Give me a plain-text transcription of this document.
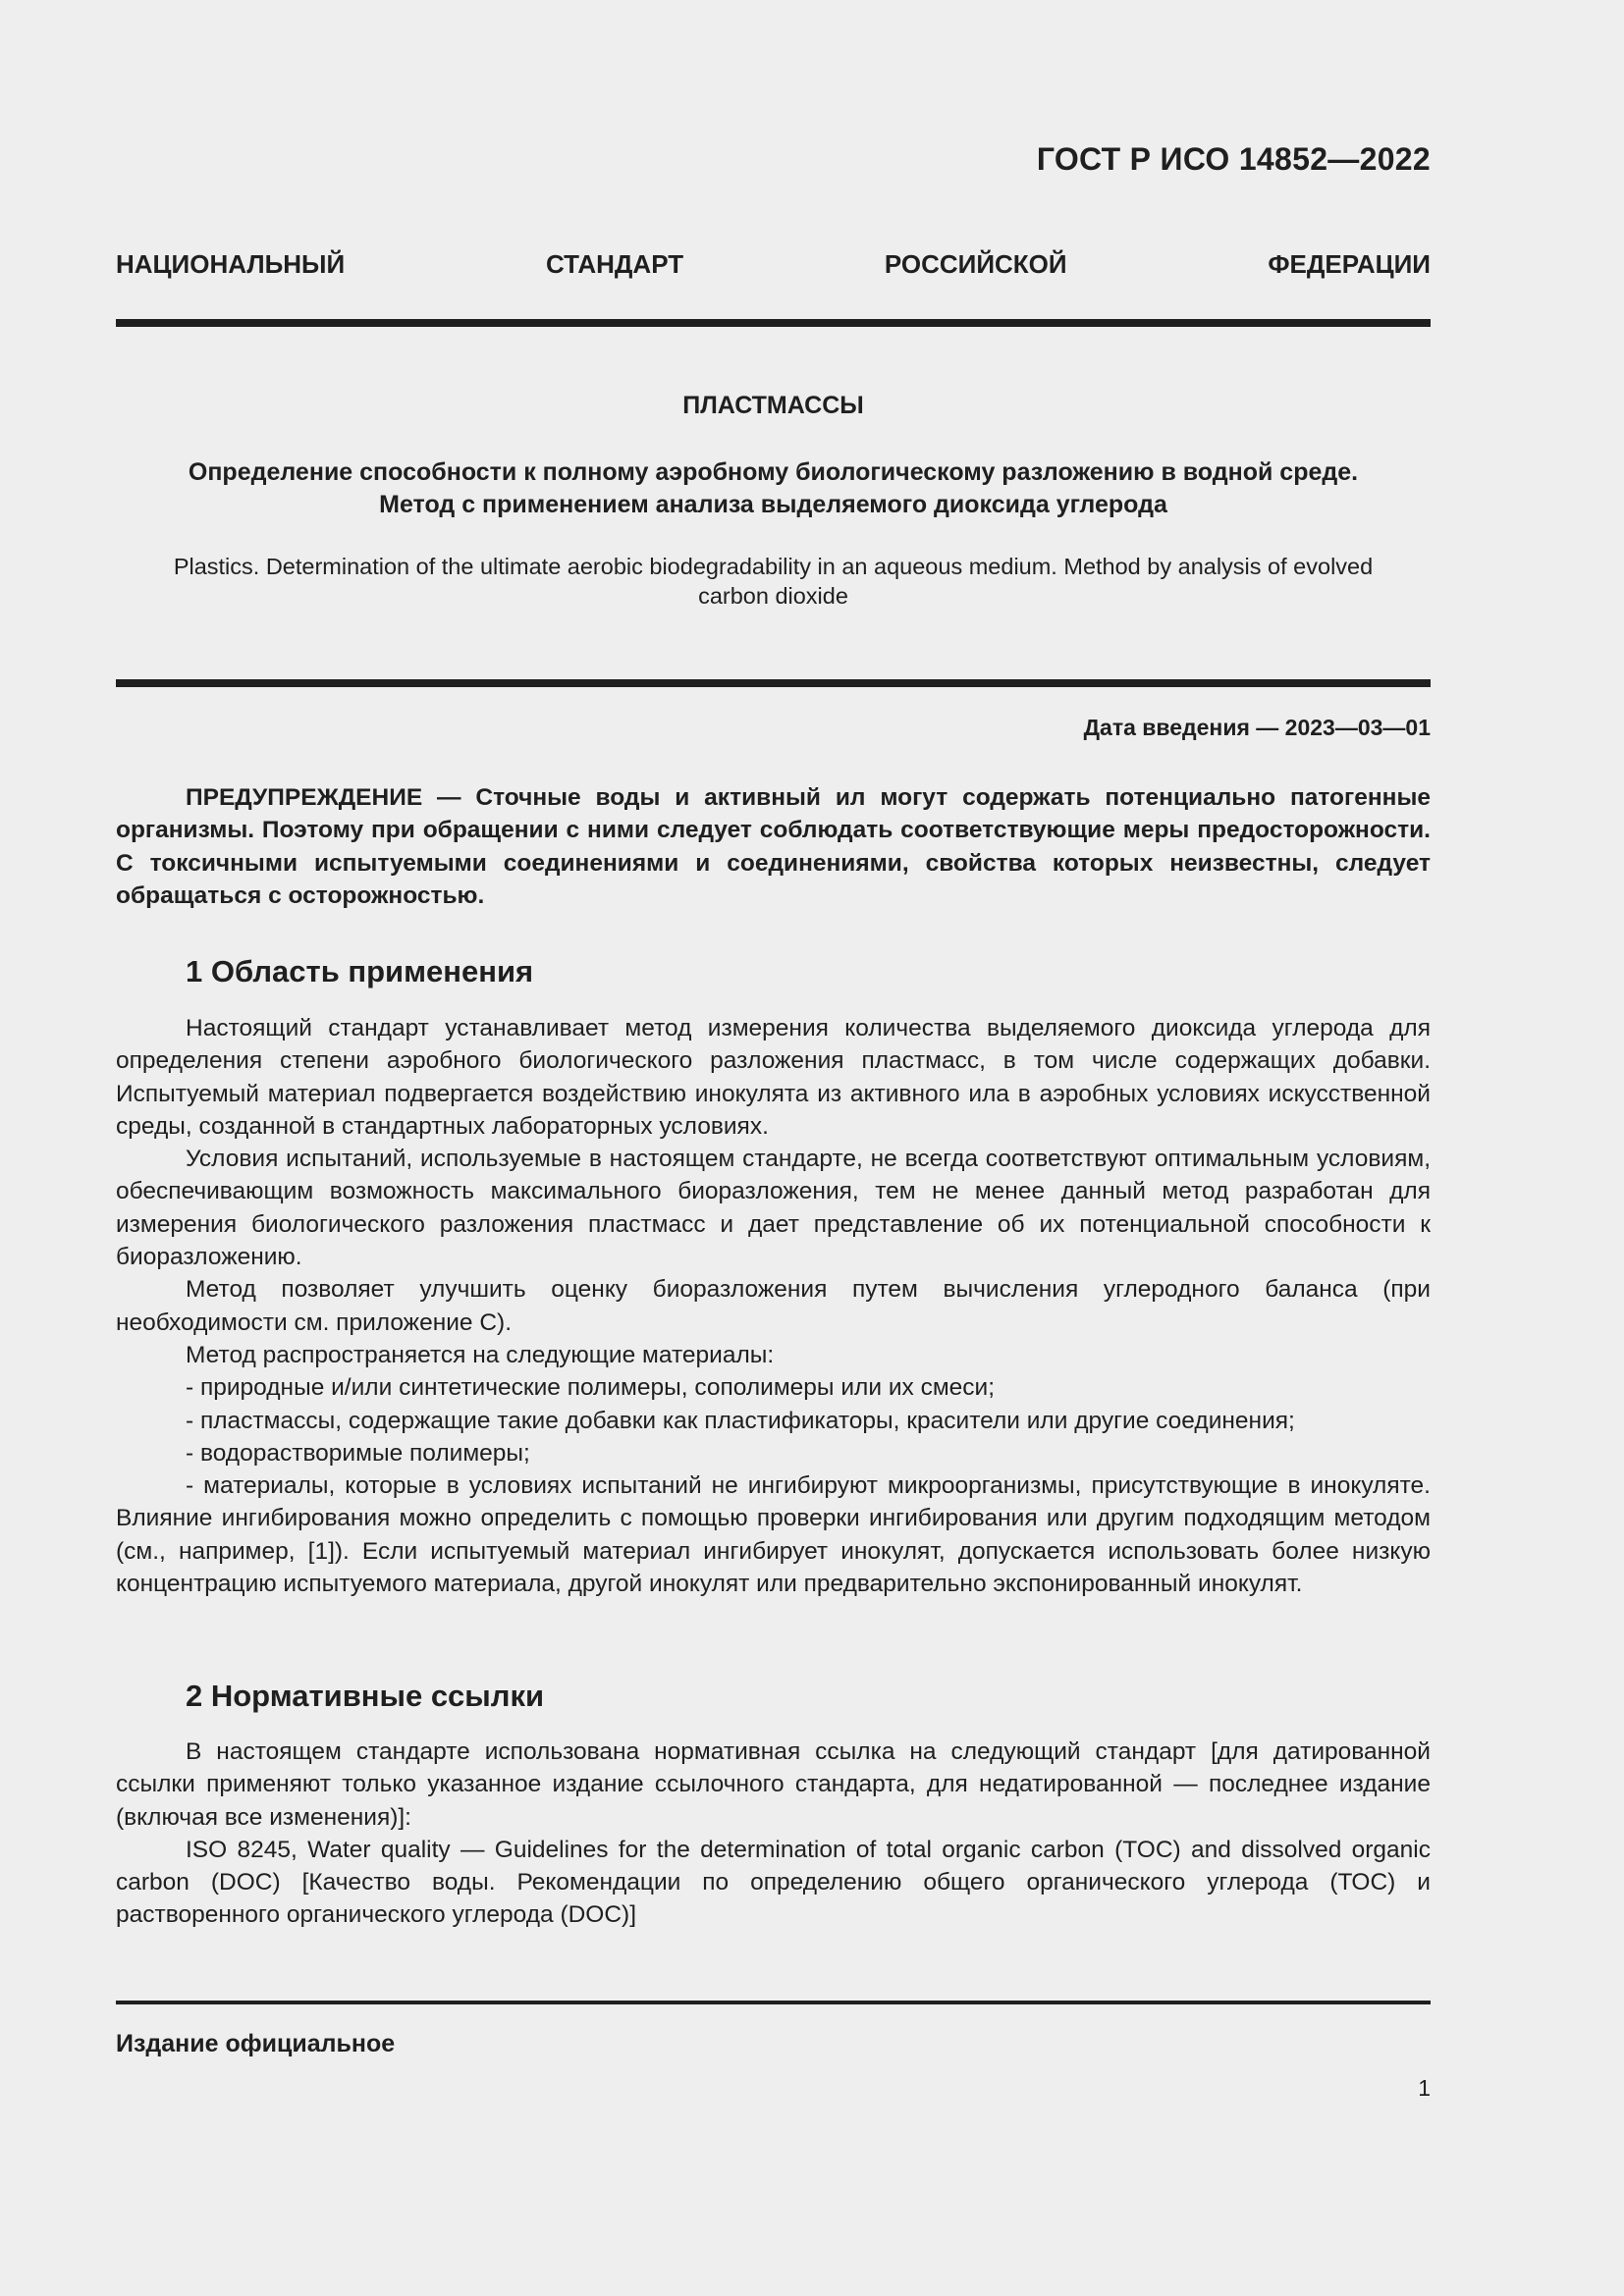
ГОСТ Р ИСО 14852—2022
НАЦИОНАЛЬНЫЙ	СТАНДАРТ	РОССИЙСКОЙ	ФЕДЕРАЦИИ
ПЛАСТМАССЫ
Определение способности к полному аэробному биологическому разложению в водной среде.
Метод с применением анализа выделяемого диоксида углерода
Plastics. Determination of the ultimate aerobic biodegradability in an aqueous medium. Method by analysis of evolved carbon dioxide
Дата введения — 2023—03—01

ПРЕДУПРЕЖДЕНИЕ — Сточные воды и активный ил могут содержать потенциально патогенные организмы. Поэтому при обращении с ними следует соблюдать соответствующие меры предосторожности. С токсичными испытуемыми соединениями и соединениями, свойства которых неизвестны, следует обращаться с осторожностью.

1 Область применения

Настоящий стандарт устанавливает метод измерения количества выделяемого диоксида углерода для определения степени аэробного биологического разложения пластмасс, в том числе содержащих добавки. Испытуемый материал подвергается воздействию инокулята из активного ила в аэробных условиях искусственной среды, созданной в стандартных лабораторных условиях.

Условия испытаний, используемые в настоящем стандарте, не всегда соответствуют оптимальным условиям, обеспечивающим возможность максимального биоразложения, тем не менее данный метод разработан для измерения биологического разложения пластмасс и дает представление об их потенциальной способности к биоразложению.

Метод позволяет улучшить оценку биоразложения путем вычисления углеродного баланса (при необходимости см. приложение С).

Метод распространяется на следующие материалы:

- природные и/или синтетические полимеры, сополимеры или их смеси;

- пластмассы, содержащие такие добавки как пластификаторы, красители или другие соединения;

- водорастворимые полимеры;

- материалы, которые в условиях испытаний не ингибируют микроорганизмы, присутствующие в инокуляте. Влияние ингибирования можно определить с помощью проверки ингибирования или другим подходящим методом (см., например, [1]). Если испытуемый материал ингибирует инокулят, допускается использовать более низкую концентрацию испытуемого материала, другой инокулят или предварительно экспонированный инокулят.

2 Нормативные ссылки

В настоящем стандарте использована нормативная ссылка на следующий стандарт [для датированной ссылки применяют только указанное издание ссылочного стандарта, для недатированной — последнее издание (включая все изменения)]:

ISO 8245, Water quality — Guidelines for the determination of total organic carbon (TOC) and dissolved organic carbon (DOC) [Качество воды. Рекомендации по определению общего органического углерода (ТОС) и растворенного органического углерода (DOC)]

Издание официальное
1
